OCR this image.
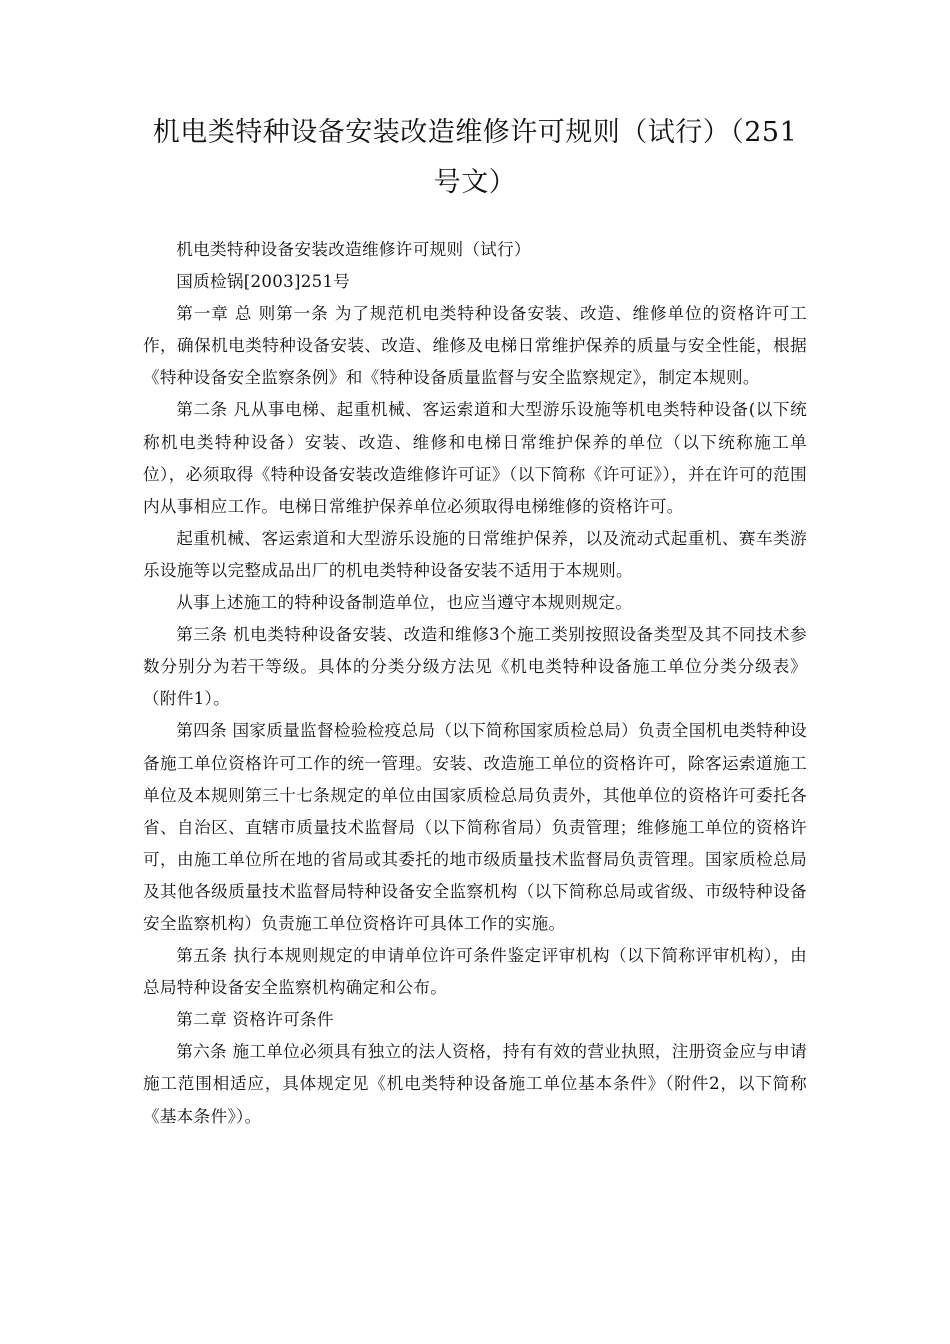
机电类特种设备安装改造维修许可规则（试行）（251号文）

机电类特种设备安装改造维修许可规则（试行）

国质检锅[2003]251号

第一章 总 则第一条 为了规范机电类特种设备安装、改造、维修单位的资格许可工作，确保机电类特种设备安装、改造、维修及电梯日常维护保养的质量与安全性能，根据《特种设备安全监察条例》和《特种设备质量监督与安全监察规定》，制定本规则。

第二条 凡从事电梯、起重机械、客运索道和大型游乐设施等机电类特种设备(以下统称机电类特种设备）安装、改造、维修和电梯日常维护保养的单位（以下统称施工单位），必须取得《特种设备安装改造维修许可证》（以下简称《许可证》），并在许可的范围内从事相应工作。电梯日常维护保养单位必须取得电梯维修的资格许可。

起重机械、客运索道和大型游乐设施的日常维护保养，以及流动式起重机、赛车类游乐设施等以完整成品出厂的机电类特种设备安装不适用于本规则。

从事上述施工的特种设备制造单位，也应当遵守本规则规定。

第三条 机电类特种设备安装、改造和维修3个施工类别按照设备类型及其不同技术参数分别分为若干等级。具体的分类分级方法见《机电类特种设备施工单位分类分级表》（附件1）。

第四条 国家质量监督检验检疫总局（以下简称国家质检总局）负责全国机电类特种设备施工单位资格许可工作的统一管理。安装、改造施工单位的资格许可，除客运索道施工单位及本规则第三十七条规定的单位由国家质检总局负责外，其他单位的资格许可委托各省、自治区、直辖市质量技术监督局（以下简称省局）负责管理；维修施工单位的资格许可，由施工单位所在地的省局或其委托的地市级质量技术监督局负责管理。国家质检总局及其他各级质量技术监督局特种设备安全监察机构（以下简称总局或省级、市级特种设备安全监察机构）负责施工单位资格许可具体工作的实施。

第五条 执行本规则规定的申请单位许可条件鉴定评审机构（以下简称评审机构），由总局特种设备安全监察机构确定和公布。

第二章 资格许可条件

第六条 施工单位必须具有独立的法人资格，持有有效的营业执照，注册资金应与申请施工范围相适应，具体规定见《机电类特种设备施工单位基本条件》（附件2，以下简称《基本条件》）。
